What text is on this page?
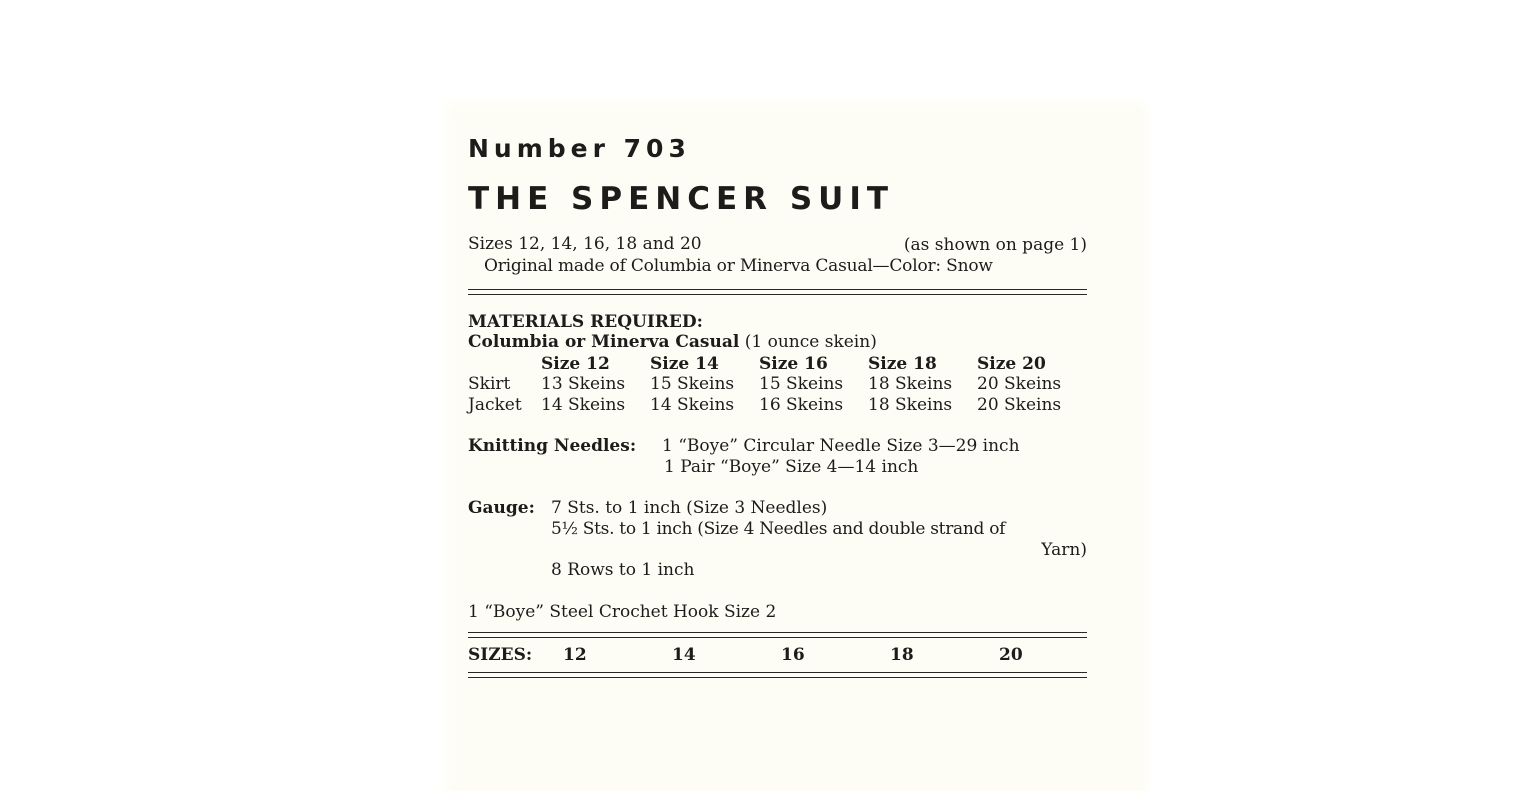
Number 703
THE SPENCER SUIT
Sizes 12, 14, 16, 18 and 20	(as shown on page 1)
Original made of Columbia or Minerva Casual—Color: Snow
MATERIALS REQUIRED:
Columbia or Minerva Casual (1 ounce skein)
Size 12 Size 14 Size 16 Size 18 Size 20
Skirt 13 Skeins 15 Skeins 15 Skeins 18 Skeins 20 Skeins
Jacket 14 Skeins 14 Skeins 16 Skeins 18 Skeins 20 Skeins
Knitting Needles: 1 “Boye” Circular Needle Size 3—29 inch
1 Pair “Boye” Size 4—14 inch
Gauge: 7 Sts. to 1 inch (Size 3 Needles)
5½ Sts. to 1 inch (Size 4 Needles and double strand of
Yarn)
8 Rows to 1 inch
1 “Boye” Steel Crochet Hook Size 2
SIZES: 12	14	16	18	20
